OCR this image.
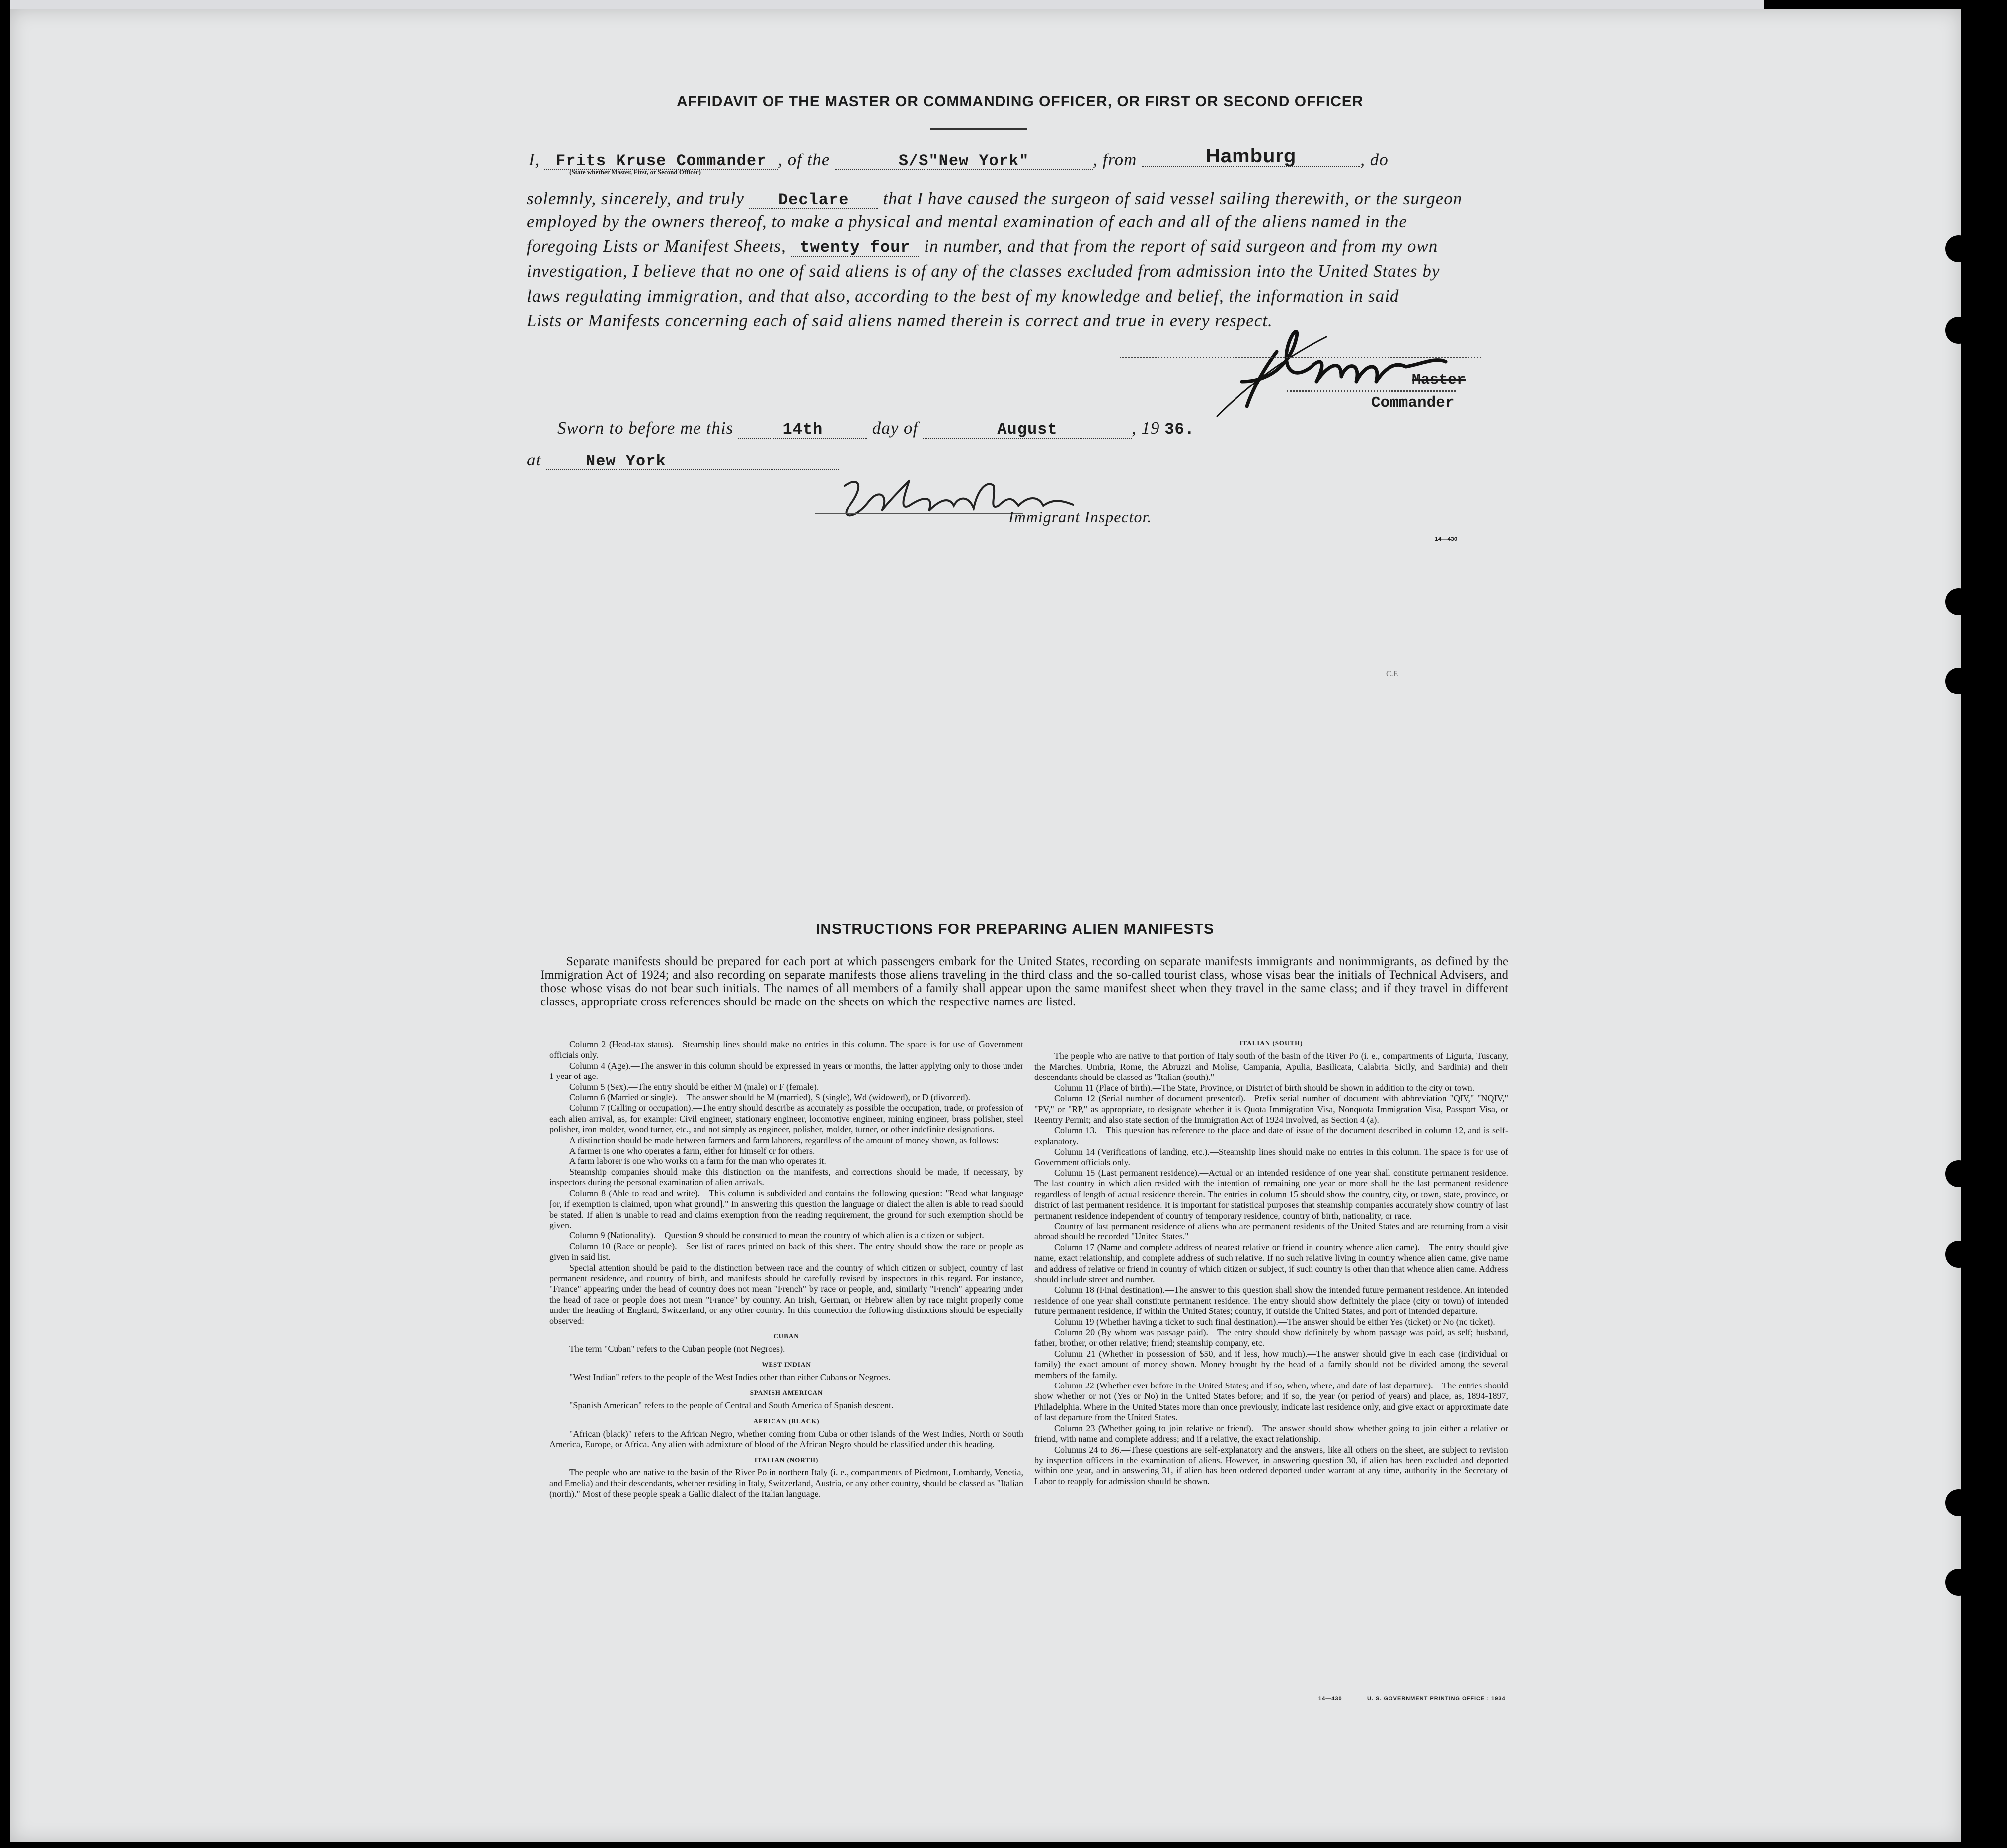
AFFIDAVIT OF THE MASTER OR COMMANDING OFFICER, OR FIRST OR SECOND OFFICER
I, Frits Kruse Commander
(State whether Master, First, or Second Officer)
, of the	S/S"New York"	, from	Hamburg	, do
solemnly, sincerely, and truly Declare that I have caused the surgeon of said vessel sailing therewith, or the surgeon
employed by the owners thereof, to make a physical and mental examination of each and all of the aliens named in the
foregoing Lists or Manifest Sheets, twenty four in number, and that from the report of said surgeon and from my own
investigation, I believe that no one of said aliens is of any of the classes excluded from admission into the United States by
laws regulating immigration, and that also, according to the best of my knowledge and belief, the information in said
Lists or Manifests concerning each of said aliens named therein is correct and true in every respect.
Master
Commander
Sworn to before me this	14th	day of	August	, 19 36.
at	New York
Immigrant Inspector.
14—430
C.E
INSTRUCTIONS FOR PREPARING ALIEN MANIFESTS

Separate manifests should be prepared for each port at which passengers embark for the United States, recording on separate manifests immigrants and nonimmigrants, as defined by the Immigration Act of 1924; and also recording on separate manifests those aliens traveling in the third class and the so-called tourist class, whose visas bear the initials of Technical Advisers, and those whose visas do not bear such initials. The names of all members of a family shall appear upon the same manifest sheet when they travel in the same class; and if they travel in different classes, appropriate cross references should be made on the sheets on which the respective names are listed.

Column 2 (Head-tax status).—Steamship lines should make no entries in this column. The space is for use of Government officials only.

Column 4 (Age).—The answer in this column should be expressed in years or months, the latter applying only to those under 1 year of age.

Column 5 (Sex).—The entry should be either M (male) or F (female).

Column 6 (Married or single).—The answer should be M (married), S (single), Wd (widowed), or D (divorced).

Column 7 (Calling or occupation).—The entry should describe as accurately as possible the occupation, trade, or profession of each alien arrival, as, for example: Civil engineer, stationary engineer, locomotive engineer, mining engineer, brass polisher, steel polisher, iron molder, wood turner, etc., and not simply as engineer, polisher, molder, turner, or other indefinite designations.

A distinction should be made between farmers and farm laborers, regardless of the amount of money shown, as follows:

A farmer is one who operates a farm, either for himself or for others.

A farm laborer is one who works on a farm for the man who operates it.

Steamship companies should make this distinction on the manifests, and corrections should be made, if necessary, by inspectors during the personal examination of alien arrivals.

Column 8 (Able to read and write).—This column is subdivided and contains the following question: "Read what language [or, if exemption is claimed, upon what ground]." In answering this question the language or dialect the alien is able to read should be stated. If alien is unable to read and claims exemption from the reading requirement, the ground for such exemption should be given.

Column 9 (Nationality).—Question 9 should be construed to mean the country of which alien is a citizen or subject.

Column 10 (Race or people).—See list of races printed on back of this sheet. The entry should show the race or people as given in said list.

Special attention should be paid to the distinction between race and the country of which citizen or subject, country of last permanent residence, and country of birth, and manifests should be carefully revised by inspectors in this regard. For instance, "France" appearing under the head of country does not mean "French" by race or people, and, similarly "French" appearing under the head of race or people does not mean "France" by country. An Irish, German, or Hebrew alien by race might properly come under the heading of England, Switzerland, or any other country. In this connection the following distinctions should be especially observed:

CUBAN

The term "Cuban" refers to the Cuban people (not Negroes).

WEST INDIAN

"West Indian" refers to the people of the West Indies other than either Cubans or Negroes.

SPANISH AMERICAN

"Spanish American" refers to the people of Central and South America of Spanish descent.

AFRICAN (BLACK)

"African (black)" refers to the African Negro, whether coming from Cuba or other islands of the West Indies, North or South America, Europe, or Africa. Any alien with admixture of blood of the African Negro should be classified under this heading.

ITALIAN (NORTH)

The people who are native to the basin of the River Po in northern Italy (i. e., compartments of Piedmont, Lombardy, Venetia, and Emelia) and their descendants, whether residing in Italy, Switzerland, Austria, or any other country, should be classed as "Italian (north)." Most of these people speak a Gallic dialect of the Italian language.

ITALIAN (SOUTH)

The people who are native to that portion of Italy south of the basin of the River Po (i. e., compartments of Liguria, Tuscany, the Marches, Umbria, Rome, the Abruzzi and Molise, Campania, Apulia, Basilicata, Calabria, Sicily, and Sardinia) and their descendants should be classed as "Italian (south)."

Column 11 (Place of birth).—The State, Province, or District of birth should be shown in addition to the city or town.

Column 12 (Serial number of document presented).—Prefix serial number of document with abbreviation "QIV," "NQIV," "PV," or "RP," as appropriate, to designate whether it is Quota Immigration Visa, Nonquota Immigration Visa, Passport Visa, or Reentry Permit; and also state section of the Immigration Act of 1924 involved, as Section 4 (a).

Column 13.—This question has reference to the place and date of issue of the document described in column 12, and is self-explanatory.

Column 14 (Verifications of landing, etc.).—Steamship lines should make no entries in this column. The space is for use of Government officials only.

Column 15 (Last permanent residence).—Actual or an intended residence of one year shall constitute permanent residence. The last country in which alien resided with the intention of remaining one year or more shall be the last permanent residence regardless of length of actual residence therein. The entries in column 15 should show the country, city, or town, state, province, or district of last permanent residence. It is important for statistical purposes that steamship companies accurately show country of last permanent residence independent of country of temporary residence, country of birth, nationality, or race.

Country of last permanent residence of aliens who are permanent residents of the United States and are returning from a visit abroad should be recorded "United States."

Column 17 (Name and complete address of nearest relative or friend in country whence alien came).—The entry should give name, exact relationship, and complete address of such relative. If no such relative living in country whence alien came, give name and address of relative or friend in country of which citizen or subject, if such country is other than that whence alien came. Address should include street and number.

Column 18 (Final destination).—The answer to this question shall show the intended future permanent residence. An intended residence of one year shall constitute permanent residence. The entry should show definitely the place (city or town) of intended future permanent residence, if within the United States; country, if outside the United States, and port of intended departure.

Column 19 (Whether having a ticket to such final destination).—The answer should be either Yes (ticket) or No (no ticket).

Column 20 (By whom was passage paid).—The entry should show definitely by whom passage was paid, as self; husband, father, brother, or other relative; friend; steamship company, etc.

Column 21 (Whether in possession of $50, and if less, how much).—The answer should give in each case (individual or family) the exact amount of money shown. Money brought by the head of a family should not be divided among the several members of the family.

Column 22 (Whether ever before in the United States; and if so, when, where, and date of last departure).—The entries should show whether or not (Yes or No) in the United States before; and if so, the year (or period of years) and place, as, 1894-1897, Philadelphia. Where in the United States more than once previously, indicate last residence only, and give exact or approximate date of last departure from the United States.

Column 23 (Whether going to join relative or friend).—The answer should show whether going to join either a relative or friend, with name and complete address; and if a relative, the exact relationship.

Columns 24 to 36.—These questions are self-explanatory and the answers, like all others on the sheet, are subject to revision by inspection officers in the examination of aliens. However, in answering question 30, if alien has been excluded and deported within one year, and in answering 31, if alien has been ordered deported under warrant at any time, authority in the Secretary of Labor to reapply for admission should be shown.

14—430	U. S. GOVERNMENT PRINTING OFFICE : 1934
